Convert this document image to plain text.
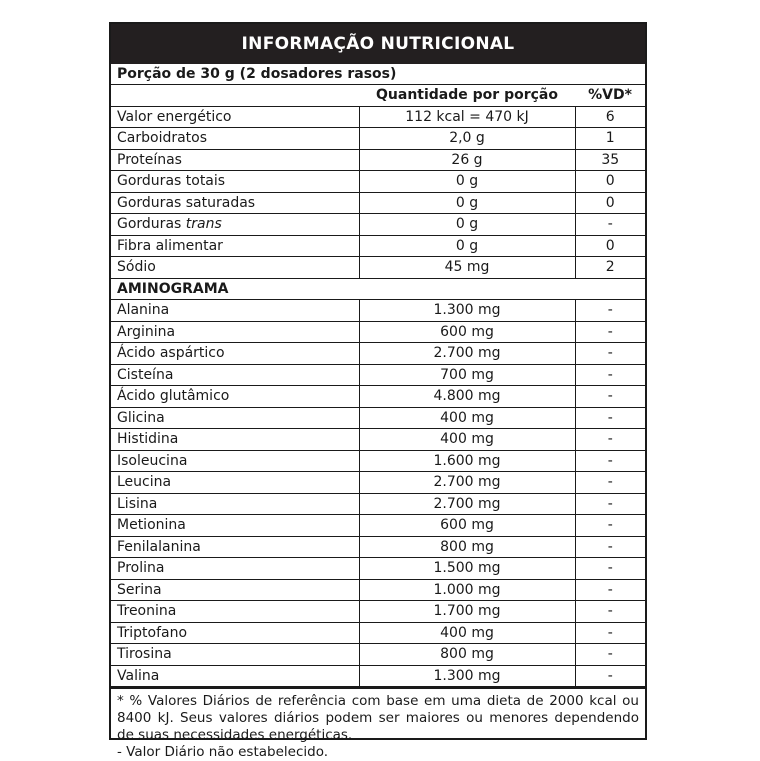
INFORMAÇÃO NUTRICIONAL
Porção de 30 g (2 dosadores rasos)
	Quantidade por porção	%VD*
Valor energético	112 kcal = 470 kJ	6
Carboidratos	2,0 g	1
Proteínas	26 g	35
Gorduras totais	0 g	0
Gorduras saturadas	0 g	0
Gorduras trans	0 g	-
Fibra alimentar	0 g	0
Sódio	45 mg	2
AMINOGRAMA		
Alanina	1.300 mg	-
Arginina	600 mg	-
Ácido aspártico	2.700 mg	-
Cisteína	700 mg	-
Ácido glutâmico	4.800 mg	-
Glicina	400 mg	-
Histidina	400 mg	-
Isoleucina	1.600 mg	-
Leucina	2.700 mg	-
Lisina	2.700 mg	-
Metionina	600 mg	-
Fenilalanina	800 mg	-
Prolina	1.500 mg	-
Serina	1.000 mg	-
Treonina	1.700 mg	-
Triptofano	400 mg	-
Tirosina	800 mg	-
Valina	1.300 mg	-

* % Valores Diários de referência com base em uma dieta de 2000 kcal ou 8400 kJ. Seus valores diários podem ser maiores ou menores dependendo de suas necessidades energéticas.

- Valor Diário não estabelecido.
